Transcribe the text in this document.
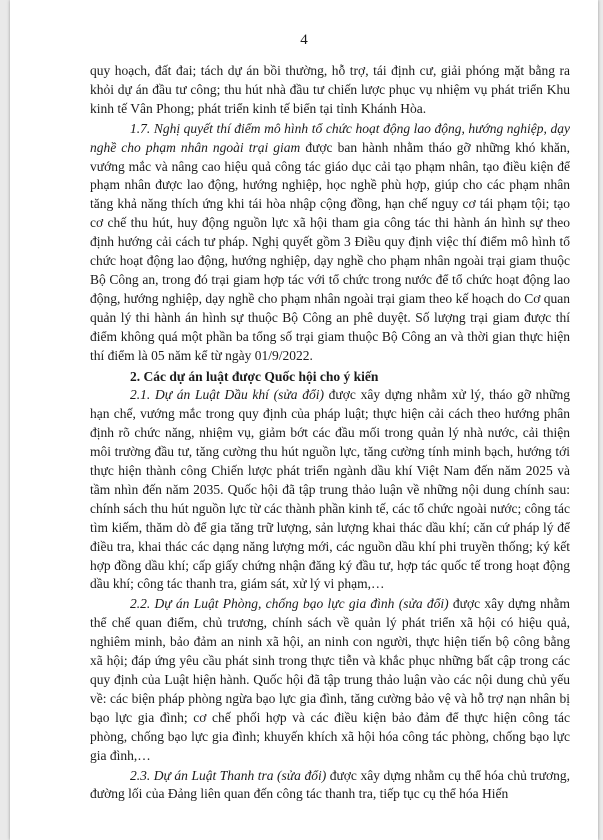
4

quy hoạch, đất đai; tách dự án bồi thường, hỗ trợ, tái định cư, giải phóng mặt bằng ra khỏi dự án đầu tư công; thu hút nhà đầu tư chiến lược phục vụ nhiệm vụ phát triển Khu kinh tế Vân Phong; phát triển kinh tế biển tại tỉnh Khánh Hòa.

1.7. Nghị quyết thí điểm mô hình tổ chức hoạt động lao động, hướng nghiệp, dạy nghề cho phạm nhân ngoài trại giam được ban hành nhằm tháo gỡ những khó khăn, vướng mắc và nâng cao hiệu quả công tác giáo dục cải tạo phạm nhân, tạo điều kiện để phạm nhân được lao động, hướng nghiệp, học nghề phù hợp, giúp cho các phạm nhân tăng khả năng thích ứng khi tái hòa nhập cộng đồng, hạn chế nguy cơ tái phạm tội; tạo cơ chế thu hút, huy động nguồn lực xã hội tham gia công tác thi hành án hình sự theo định hướng cải cách tư pháp. Nghị quyết gồm 3 Điều quy định việc thí điểm mô hình tổ chức hoạt động lao động, hướng nghiệp, dạy nghề cho phạm nhân ngoài trại giam thuộc Bộ Công an, trong đó trại giam hợp tác với tổ chức trong nước để tổ chức hoạt động lao động, hướng nghiệp, dạy nghề cho phạm nhân ngoài trại giam theo kế hoạch do Cơ quan quản lý thi hành án hình sự thuộc Bộ Công an phê duyệt. Số lượng trại giam được thí điểm không quá một phần ba tổng số trại giam thuộc Bộ Công an và thời gian thực hiện thí điểm là 05 năm kể từ ngày 01/9/2022.

2. Các dự án luật được Quốc hội cho ý kiến

2.1. Dự án Luật Dầu khí (sửa đổi) được xây dựng nhằm xử lý, tháo gỡ những hạn chế, vướng mắc trong quy định của pháp luật; thực hiện cải cách theo hướng phân định rõ chức năng, nhiệm vụ, giảm bớt các đầu mối trong quản lý nhà nước, cải thiện môi trường đầu tư, tăng cường thu hút nguồn lực, tăng cường tính minh bạch, hướng tới thực hiện thành công Chiến lược phát triển ngành dầu khí Việt Nam đến năm 2025 và tầm nhìn đến năm 2035. Quốc hội đã tập trung thảo luận về những nội dung chính sau: chính sách thu hút nguồn lực từ các thành phần kinh tế, các tổ chức ngoài nước; công tác tìm kiếm, thăm dò để gia tăng trữ lượng, sản lượng khai thác dầu khí; căn cứ pháp lý để điều tra, khai thác các dạng năng lượng mới, các nguồn dầu khí phi truyền thống; ký kết hợp đồng dầu khí; cấp giấy chứng nhận đăng ký đầu tư, hợp tác quốc tế trong hoạt động dầu khí; công tác thanh tra, giám sát, xử lý vi phạm,…

2.2. Dự án Luật Phòng, chống bạo lực gia đình (sửa đổi) được xây dựng nhằm thể chế quan điểm, chủ trương, chính sách về quản lý phát triển xã hội có hiệu quả, nghiêm minh, bảo đảm an ninh xã hội, an ninh con người, thực hiện tiến bộ công bằng xã hội; đáp ứng yêu cầu phát sinh trong thực tiễn và khắc phục những bất cập trong các quy định của Luật hiện hành. Quốc hội đã tập trung thảo luận vào các nội dung chủ yếu về: các biện pháp phòng ngừa bạo lực gia đình, tăng cường bảo vệ và hỗ trợ nạn nhân bị bạo lực gia đình; cơ chế phối hợp và các điều kiện bảo đảm để thực hiện công tác phòng, chống bạo lực gia đình; khuyến khích xã hội hóa công tác phòng, chống bạo lực gia đình,…

2.3. Dự án Luật Thanh tra (sửa đổi) được xây dựng nhằm cụ thể hóa chủ trương, đường lối của Đảng liên quan đến công tác thanh tra, tiếp tục cụ thể hóa Hiến
